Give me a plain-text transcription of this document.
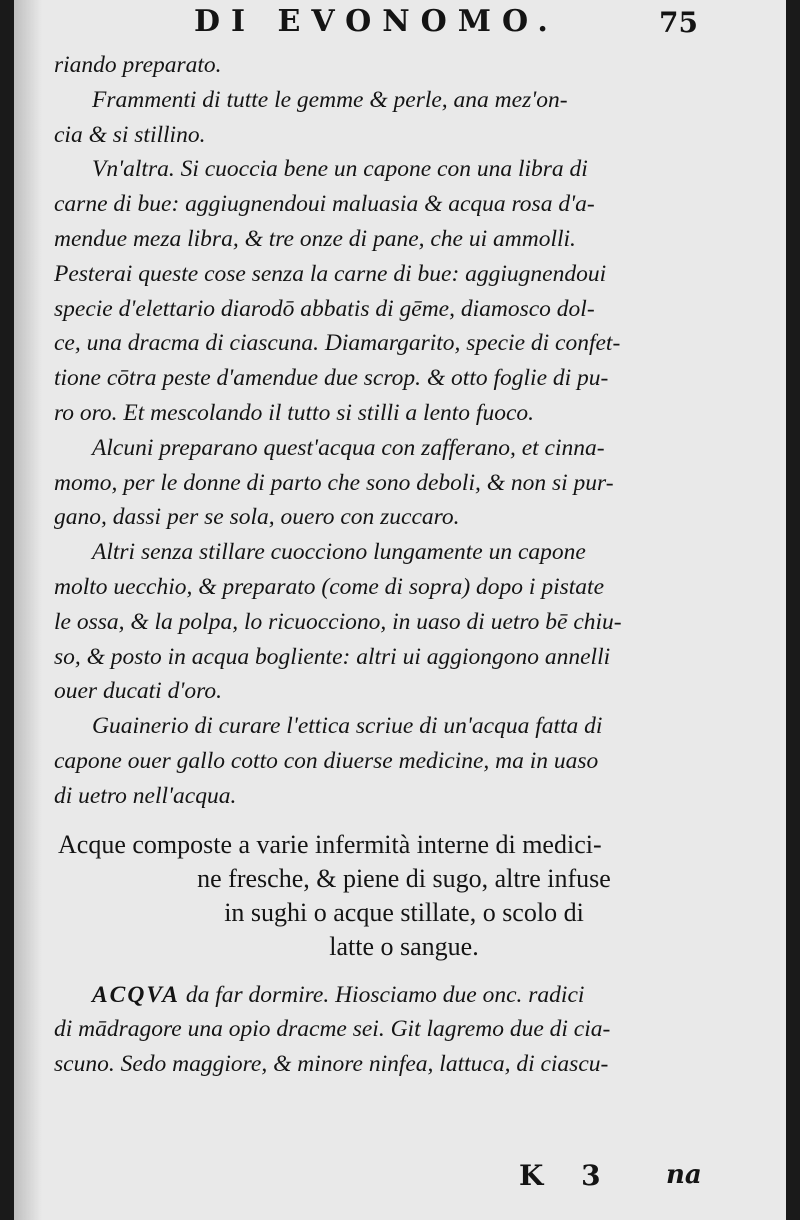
DI EVONOMO.	75
riando preparato.
Frammenti di tutte le gemme & perle, ana mez'on-
cia & si stillino.
Vn'altra. Si cuoccia bene un capone con una libra di
carne di bue: aggiugnendoui maluasia & acqua rosa d'a-
mendue meza libra, & tre onze di pane, che ui ammolli.
Pesterai queste cose senza la carne di bue: aggiugnendoui
specie d'elettario diarodō abbatis di gēme, diamosco dol-
ce, una dracma di ciascuna. Diamargarito, specie di confet-
tione cōtra peste d'amendue due scrop. & otto foglie di pu-
ro oro. Et mescolando il tutto si stilli a lento fuoco.
Alcuni preparano quest'acqua con zafferano, et cinna-
momo, per le donne di parto che sono deboli, & non si pur-
gano, dassi per se sola, ouero con zuccaro.
Altri senza stillare cuocciono lungamente un capone
molto uecchio, & preparato (come di sopra) dopo i pistate
le ossa, & la polpa, lo ricuocciono, in uaso di uetro bē chiu-
so, & posto in acqua bogliente: altri ui aggiongono annelli
ouer ducati d'oro.
Guainerio di curare l'ettica scriue di un'acqua fatta di
capone ouer gallo cotto con diuerse medicine, ma in uaso
di uetro nell'acqua.
Acque composte a varie infermità interne di medici-
ne fresche, & piene di sugo, altre infuse
in sughi o acque stillate, o scolo di
latte o sangue.
ACQVA da far dormire. Hiosciamo due onc. radici
di mādragore una opio dracme sei. Git lagremo due di cia-
scuno. Sedo maggiore, & minore ninfea, lattuca, di ciascu-
K 3 na
